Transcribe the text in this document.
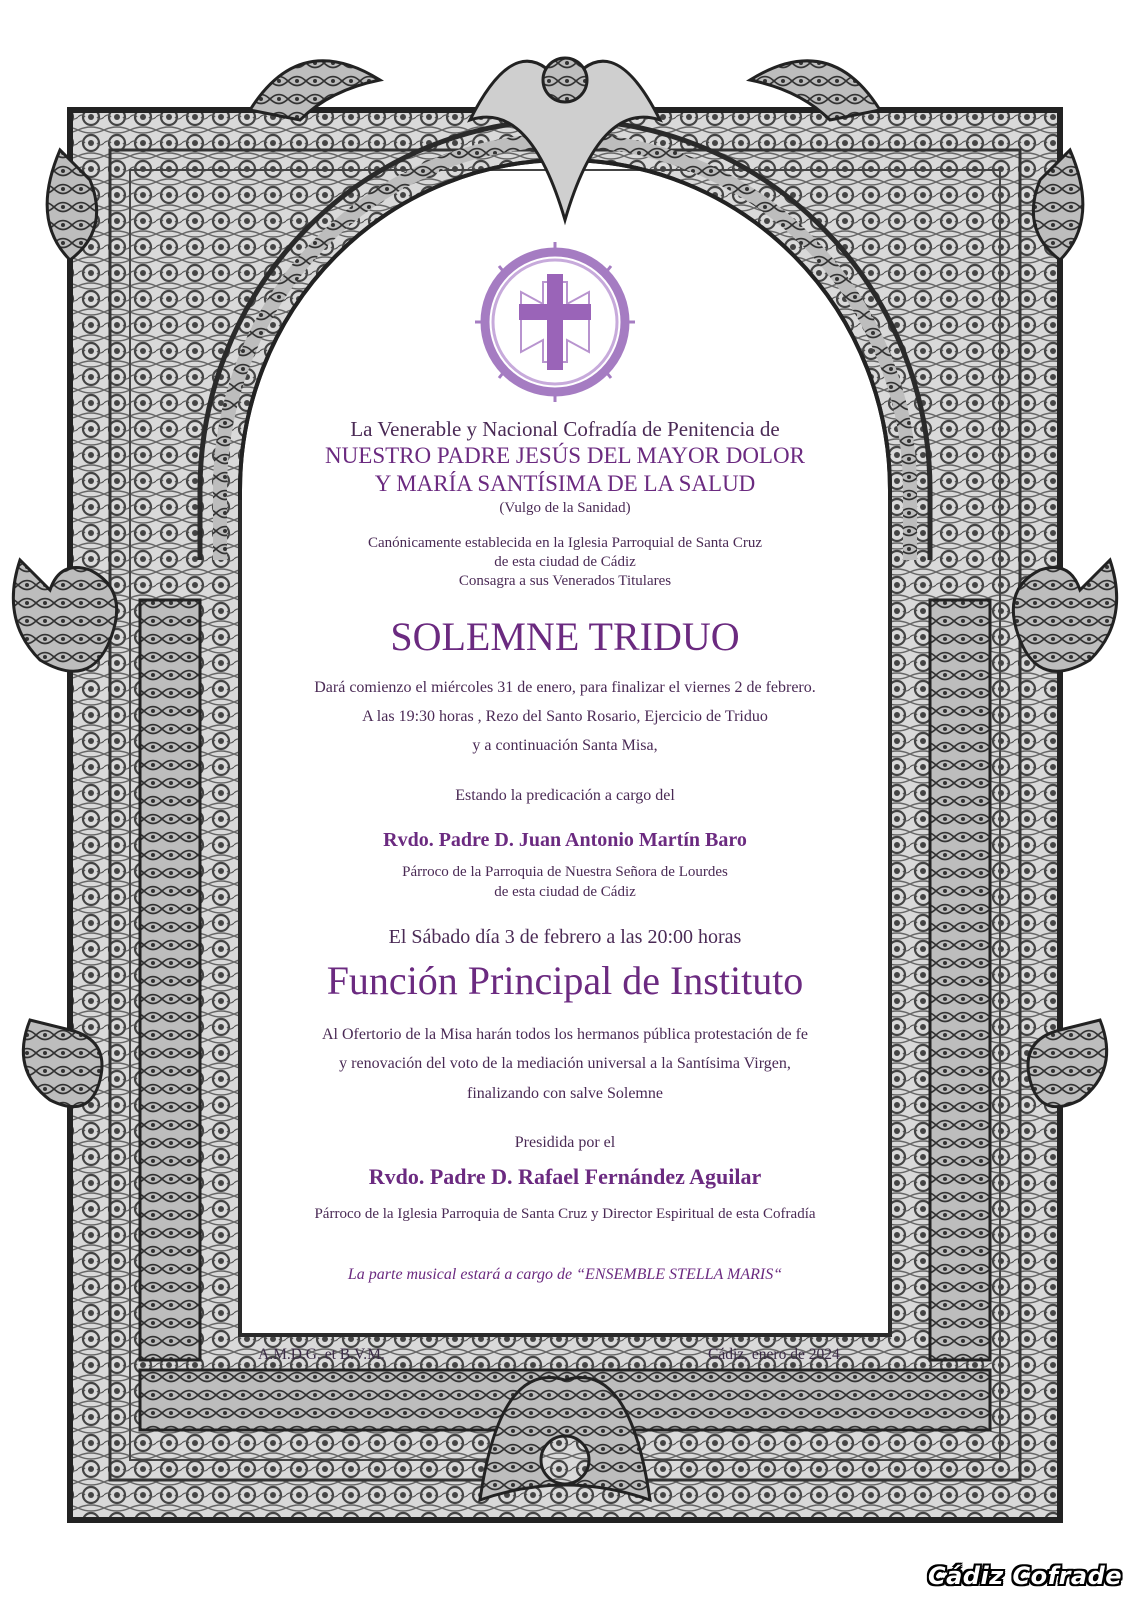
La Venerable y Nacional Cofradía de Penitencia de
NUESTRO PADRE JESÚS DEL MAYOR DOLOR
Y MARÍA SANTÍSIMA DE LA SALUD
(Vulgo de la Sanidad)
Canónicamente establecida en la Iglesia Parroquial de Santa Cruz
de esta ciudad de Cádiz
Consagra a sus Venerados Titulares
SOLEMNE TRIDUO
Dará comienzo el miércoles 31 de enero, para finalizar el viernes 2 de febrero.
A las 19:30 horas , Rezo del Santo Rosario, Ejercicio de Triduo
y a continuación Santa Misa,
Estando la predicación a cargo del
Rvdo. Padre D. Juan Antonio Martín Baro
Párroco de la Parroquia de Nuestra Señora de Lourdes
de esta ciudad de Cádiz
El Sábado día 3 de febrero a las 20:00 horas
Función Principal de Instituto
Al Ofertorio de la Misa harán todos los hermanos pública protestación de fe
y renovación del voto de la mediación universal a la Santísima Virgen,
finalizando con salve Solemne
Presidida por el
Rvdo. Padre D. Rafael Fernández Aguilar
Párroco de la Iglesia Parroquia de Santa Cruz y Director Espiritual de esta Cofradía
La parte musical estará a cargo de “ENSEMBLE STELLA MARIS“
A.M.D.G. et B.V.M.	Cádiz, enero de 2024
Cádiz Cofrade
